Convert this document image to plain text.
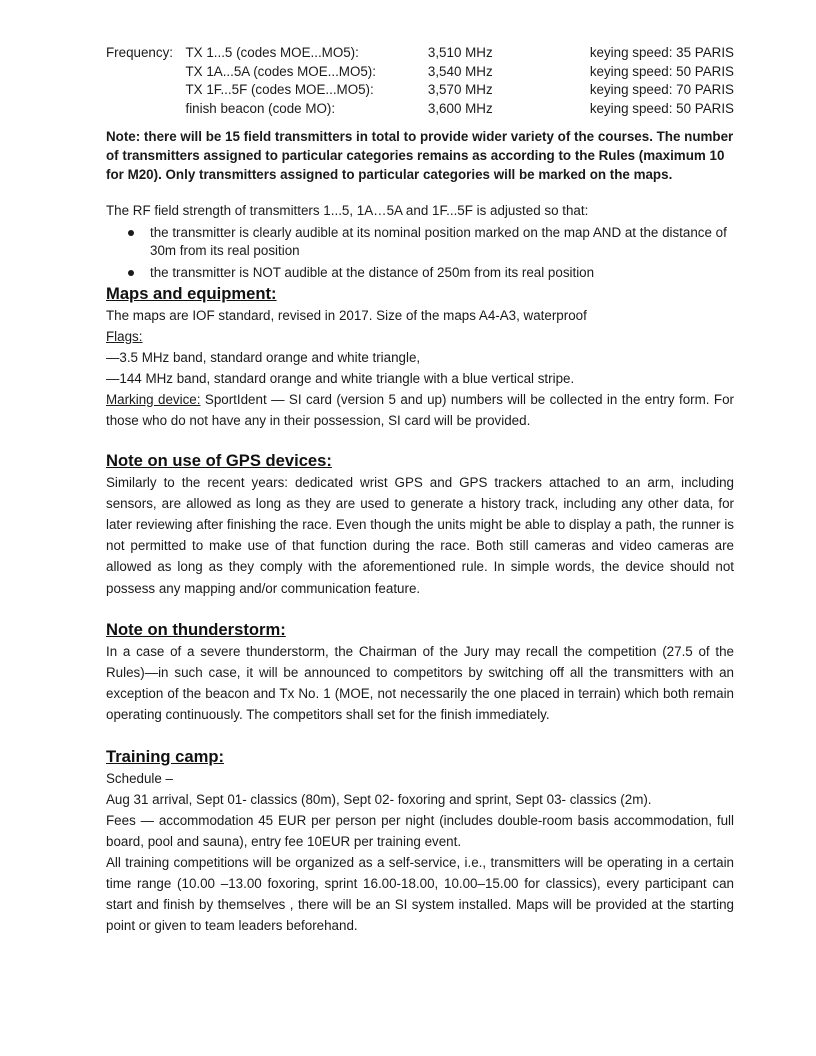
Frequency: TX 1...5 (codes MOE...MO5):	3,510 MHz	keying speed: 35 PARIS
TX 1A...5A (codes MOE...MO5):	3,540 MHz	keying speed: 50 PARIS
TX 1F...5F (codes MOE...MO5):	3,570 MHz	keying speed: 70 PARIS
finish beacon (code MO):	3,600 MHz	keying speed: 50 PARIS
Note: there will be 15 field transmitters in total to provide wider variety of the courses. The number of transmitters assigned to particular categories remains as according to the Rules (maximum 10 for M20). Only transmitters assigned to particular categories will be marked on the maps.
The RF field strength of transmitters 1...5, 1A…5A and 1F...5F is adjusted so that:
the transmitter is clearly audible at its nominal position marked on the map AND at the distance of 30m from its real position
the transmitter is NOT audible at the distance of 250m from its real position
Maps and equipment:
The maps are IOF standard, revised in 2017. Size of the maps A4-A3, waterproof
Flags:
—3.5 MHz band, standard orange and white triangle,
—144 MHz band, standard orange and white triangle with a blue vertical stripe.
Marking device: SportIdent — SI card (version 5 and up) numbers will be collected in the entry form. For those who do not have any in their possession, SI card will be provided.
Note on use of GPS devices:
Similarly to the recent years: dedicated wrist GPS and GPS trackers attached to an arm, including sensors, are allowed as long as they are used to generate a history track, including any other data, for later reviewing after finishing the race. Even though the units might be able to display a path, the runner is not permitted to make use of that function during the race. Both still cameras and video cameras are allowed as long as they comply with the aforementioned rule. In simple words, the device should not possess any mapping and/or communication feature.
Note on thunderstorm:
In a case of a severe thunderstorm, the Chairman of the Jury may recall the competition (27.5 of the Rules)—in such case, it will be announced to competitors by switching off all the transmitters with an exception of the beacon and Tx No. 1 (MOE, not necessarily the one placed in terrain) which both remain operating continuously. The competitors shall set for the finish immediately.
Training camp:
Schedule –
Aug 31 arrival, Sept 01- classics (80m), Sept 02- foxoring and sprint, Sept 03- classics (2m).
Fees — accommodation 45 EUR per person per night (includes double-room basis accommodation, full board, pool and sauna), entry fee 10EUR per training event.
All training competitions will be organized as a self-service, i.e., transmitters will be operating in a certain time range (10.00 –13.00 foxoring, sprint 16.00-18.00, 10.00–15.00 for classics), every participant can start and finish by themselves , there will be an SI system installed. Maps will be provided at the starting point or given to team leaders beforehand.
